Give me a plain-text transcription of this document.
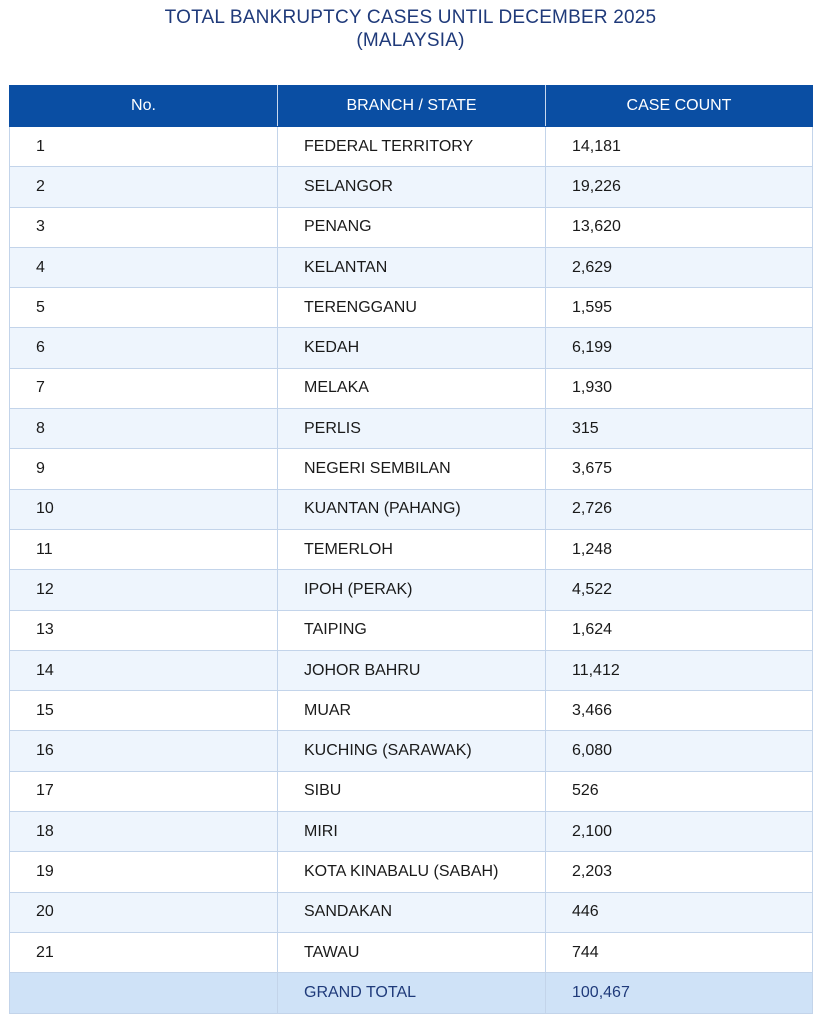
TOTAL BANKRUPTCY CASES UNTIL DECEMBER 2025
(MALAYSIA)
No.	BRANCH / STATE	CASE COUNT
1	FEDERAL TERRITORY	14,181
2	SELANGOR	19,226
3	PENANG	13,620
4	KELANTAN	2,629
5	TERENGGANU	1,595
6	KEDAH	6,199
7	MELAKA	1,930
8	PERLIS	315
9	NEGERI SEMBILAN	3,675
10	KUANTAN (PAHANG)	2,726
11	TEMERLOH	1,248
12	IPOH (PERAK)	4,522
13	TAIPING	1,624
14	JOHOR BAHRU	11,412
15	MUAR	3,466
16	KUCHING (SARAWAK)	6,080
17	SIBU	526
18	MIRI	2,100
19	KOTA KINABALU (SABAH)	2,203
20	SANDAKAN	446
21	TAWAU	744
	GRAND TOTAL	100,467
